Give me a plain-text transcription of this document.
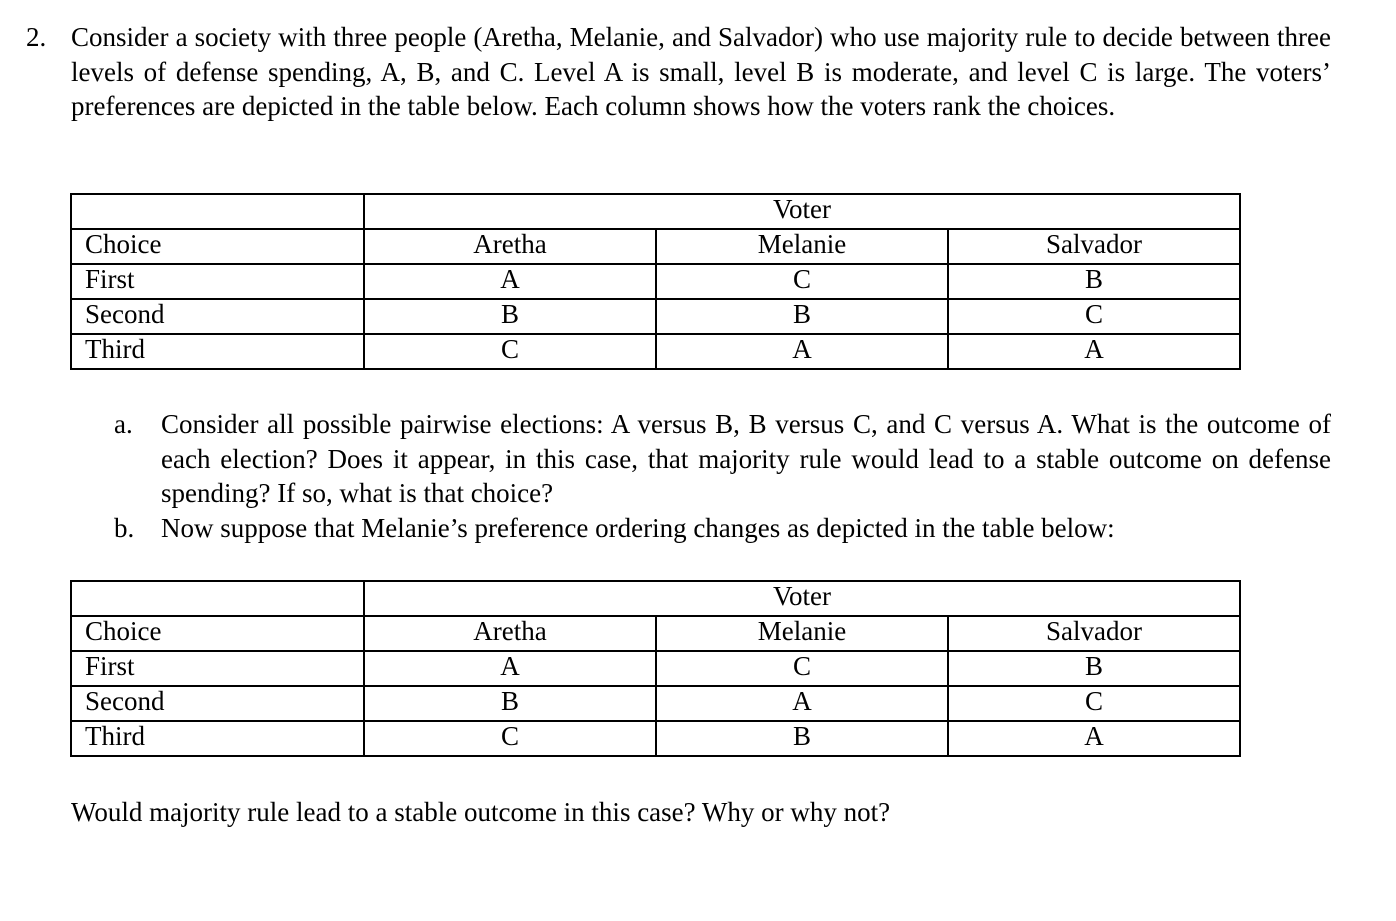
2. Consider a society with three people (Aretha, Melanie, and Salvador) who use majority rule to decide between three levels of defense spending, A, B, and C. Level A is small, level B is moderate, and level C is large. The voters’ preferences are depicted in the table below. Each column shows how the voters rank the choices.
	Voter		
Choice	Aretha	Melanie	Salvador
First	A	C	B
Second	B	B	C
Third	C	A	A
a. Consider all possible pairwise elections: A versus B, B versus C, and C versus A. What is the outcome of each election? Does it appear, in this case, that majority rule would lead to a stable outcome on defense spending? If so, what is that choice?
b. Now suppose that Melanie’s preference ordering changes as depicted in the table below:
	Voter		
Choice	Aretha	Melanie	Salvador
First	A	C	B
Second	B	A	C
Third	C	B	A
Would majority rule lead to a stable outcome in this case? Why or why not?
